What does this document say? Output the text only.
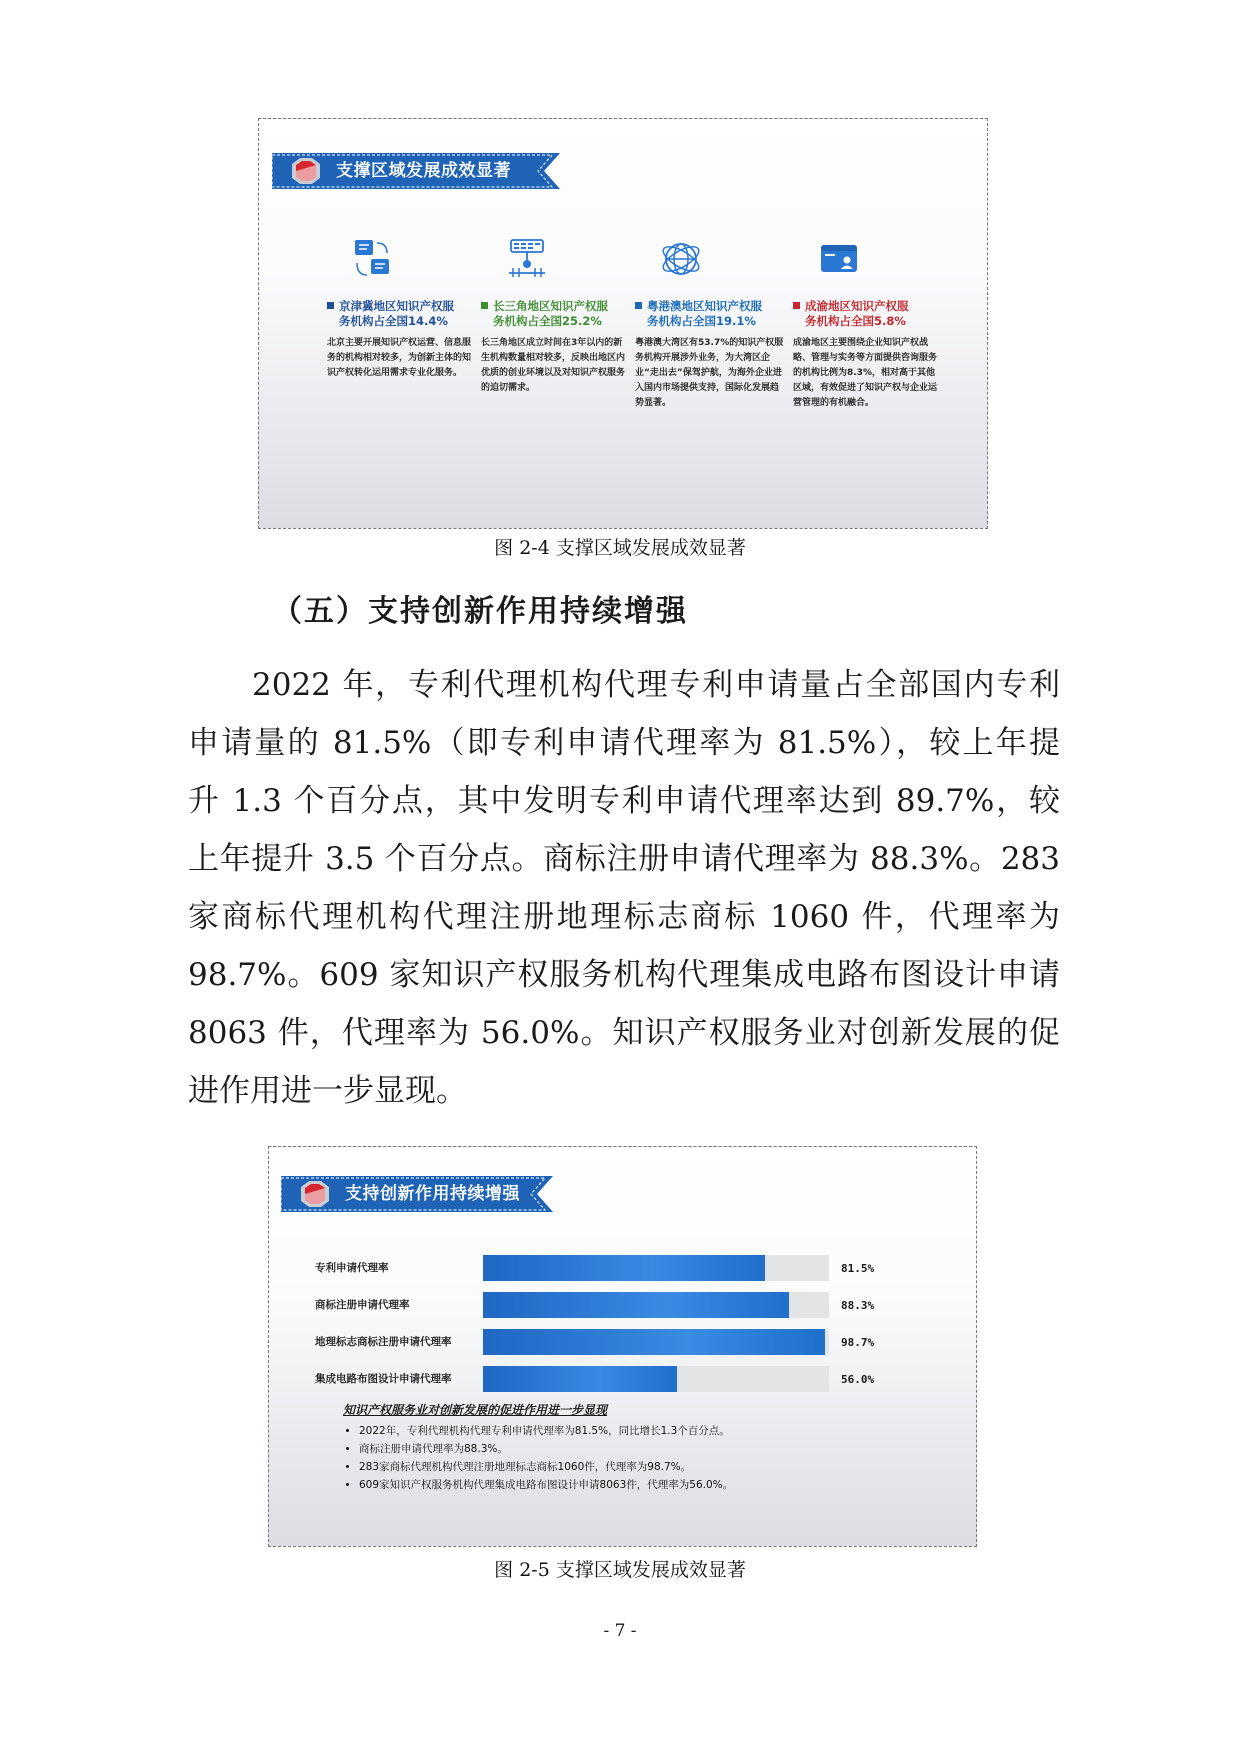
支撑区域发展成效显著
京津冀地区知识产权服
务机构占全国14.4%
北京主要开展知识产权运营、信息服务的机构相对较多，为创新主体的知识产权转化运用需求专业化服务。
长三角地区知识产权服
务机构占全国25.2%
长三角地区成立时间在3年以内的新生机构数量相对较多，反映出地区内优质的创业环境以及对知识产权服务的迫切需求。
粤港澳地区知识产权服
务机构占全国19.1%
粤港澳大湾区有53.7%的知识产权服务机构开展涉外业务，为大湾区企业“走出去”保驾护航，为海外企业进入国内市场提供支持，国际化发展趋势显著。
成渝地区知识产权服
务机构占全国5.8%
成渝地区主要围绕企业知识产权战略、管理与实务等方面提供咨询服务的机构比例为8.3%，相对高于其他区域，有效促进了知识产权与企业运营管理的有机融合。
图 2-4 支撑区域发展成效显著
（五）支持创新作用持续增强
2022 年，专利代理机构代理专利申请量占全部国内专利
申请量的 81.5%（即专利申请代理率为 81.5%），较上年提
升 1.3 个百分点，其中发明专利申请代理率达到 89.7%，较
上年提升 3.5 个百分点。商标注册申请代理率为 88.3%。283
家商标代理机构代理注册地理标志商标 1060 件，代理率为
98.7%。609 家知识产权服务机构代理集成电路布图设计申请
8063 件，代理率为 56.0%。知识产权服务业对创新发展的促
进作用进一步显现。
支持创新作用持续增强
专利申请代理率	81.5%
商标注册申请代理率	88.3%
地理标志商标注册申请代理率	98.7%
集成电路布图设计申请代理率	56.0%
知识产权服务业对创新发展的促进作用进一步显现
• 2022年，专利代理机构代理专利申请代理率为81.5%，同比增长1.3个百分点。
• 商标注册申请代理率为88.3%。
• 283家商标代理机构代理注册地理标志商标1060件，代理率为98.7%。
• 609家知识产权服务机构代理集成电路布图设计申请8063件，代理率为56.0%。
图 2-5 支撑区域发展成效显著
- 7 -
